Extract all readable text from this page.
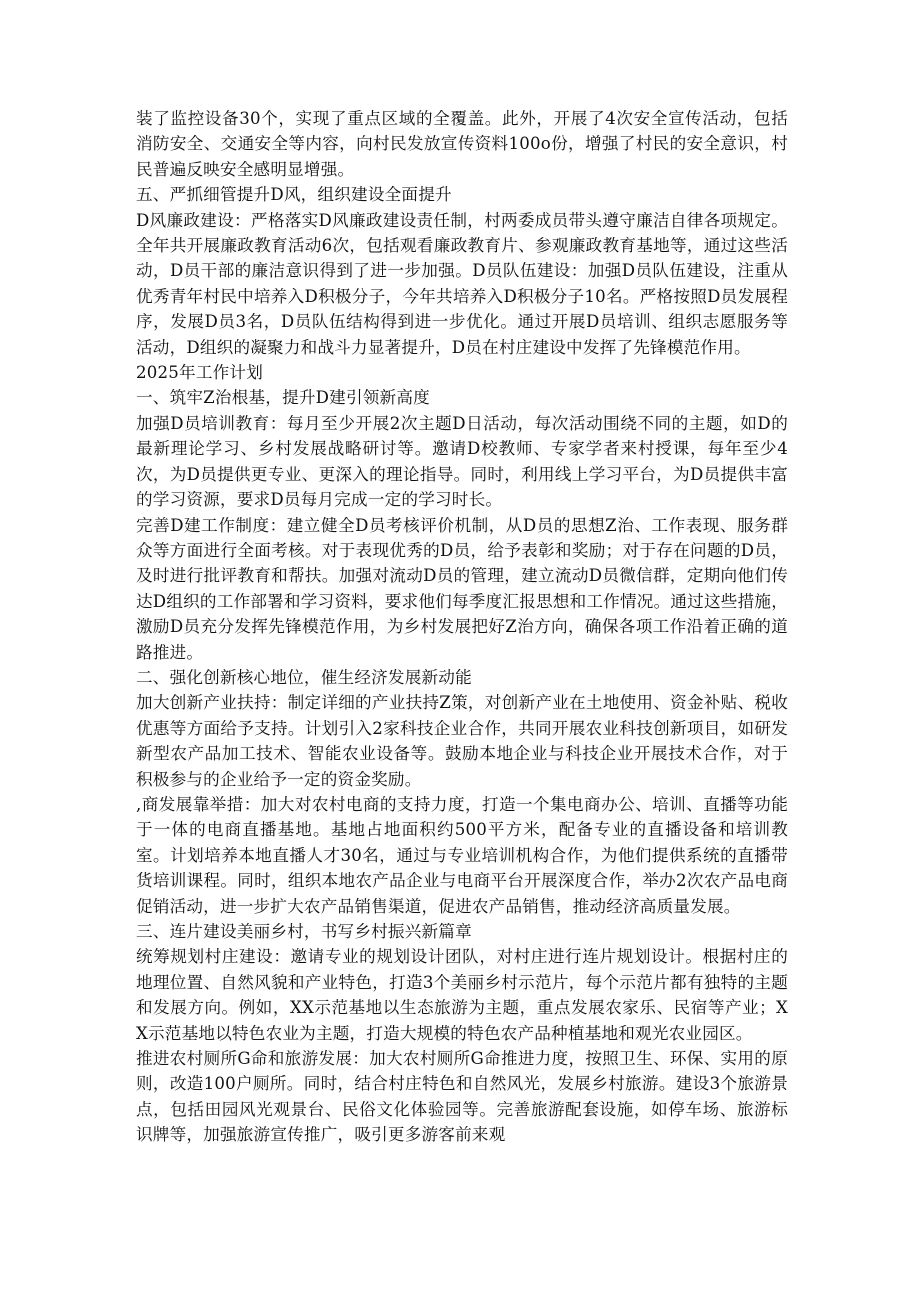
装了监控设备30个，实现了重点区域的全覆盖。此外，开展了4次安全宣传活动，包括消防安全、交通安全等内容，向村民发放宣传资料100o份，增强了村民的安全意识，村民普遍反映安全感明显增强。

五、严抓细管提升D风，组织建设全面提升

D风廉政建设：严格落实D风廉政建设责任制，村两委成员带头遵守廉洁自律各项规定。全年共开展廉政教育活动6次，包括观看廉政教育片、参观廉政教育基地等，通过这些活动，D员干部的廉洁意识得到了进一步加强。D员队伍建设：加强D员队伍建设，注重从优秀青年村民中培养入D积极分子，今年共培养入D积极分子10名。严格按照D员发展程序，发展D员3名，D员队伍结构得到进一步优化。通过开展D员培训、组织志愿服务等活动，D组织的凝聚力和战斗力显著提升，D员在村庄建设中发挥了先锋模范作用。

2025年工作计划

一、筑牢Z治根基，提升D建引领新高度

加强D员培训教育：每月至少开展2次主题D日活动，每次活动围绕不同的主题，如D的最新理论学习、乡村发展战略研讨等。邀请D校教师、专家学者来村授课，每年至少4次，为D员提供更专业、更深入的理论指导。同时，利用线上学习平台，为D员提供丰富的学习资源，要求D员每月完成一定的学习时长。

完善D建工作制度：建立健全D员考核评价机制，从D员的思想Z治、工作表现、服务群众等方面进行全面考核。对于表现优秀的D员，给予表彰和奖励；对于存在问题的D员，及时进行批评教育和帮扶。加强对流动D员的管理，建立流动D员微信群，定期向他们传达D组织的工作部署和学习资料，要求他们每季度汇报思想和工作情况。通过这些措施，激励D员充分发挥先锋模范作用，为乡村发展把好Z治方向，确保各项工作沿着正确的道路推进。

二、强化创新核心地位，催生经济发展新动能

加大创新产业扶持：制定详细的产业扶持Z策，对创新产业在土地使用、资金补贴、税收优惠等方面给予支持。计划引入2家科技企业合作，共同开展农业科技创新项目，如研发新型农产品加工技术、智能农业设备等。鼓励本地企业与科技企业开展技术合作，对于积极参与的企业给予一定的资金奖励。

,商发展靠举措：加大对农村电商的支持力度，打造一个集电商办公、培训、直播等功能于一体的电商直播基地。基地占地面积约500平方米，配备专业的直播设备和培训教室。计划培养本地直播人才30名，通过与专业培训机构合作，为他们提供系统的直播带货培训课程。同时，组织本地农产品企业与电商平台开展深度合作，举办2次农产品电商促销活动，进一步扩大农产品销售渠道，促进农产品销售，推动经济高质量发展。

三、连片建设美丽乡村，书写乡村振兴新篇章

统筹规划村庄建设：邀请专业的规划设计团队，对村庄进行连片规划设计。根据村庄的地理位置、自然风貌和产业特色，打造3个美丽乡村示范片，每个示范片都有独特的主题和发展方向。例如，XX示范基地以生态旅游为主题，重点发展农家乐、民宿等产业；XX示范基地以特色农业为主题，打造大规模的特色农产品种植基地和观光农业园区。

推进农村厕所G命和旅游发展：加大农村厕所G命推进力度，按照卫生、环保、实用的原则，改造100户厕所。同时，结合村庄特色和自然风光，发展乡村旅游。建设3个旅游景点，包括田园风光观景台、民俗文化体验园等。完善旅游配套设施，如停车场、旅游标识牌等，加强旅游宣传推广，吸引更多游客前来观
